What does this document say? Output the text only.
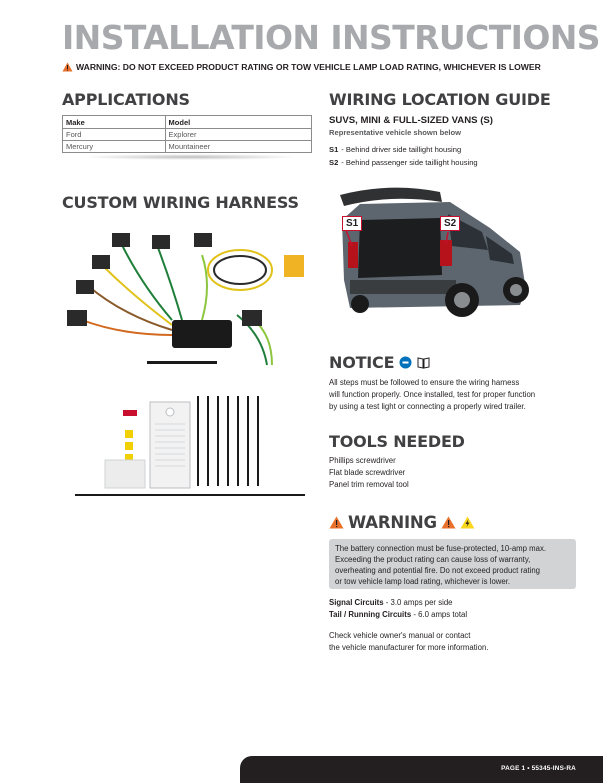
INSTALLATION INSTRUCTIONS
WARNING: DO NOT EXCEED PRODUCT RATING OR TOW VEHICLE LAMP LOAD RATING, WHICHEVER IS LOWER
APPLICATIONS
Make	Model
Ford	Explorer
Mercury	Mountaineer
WIRING LOCATION GUIDE
SUVS, MINI & FULL-SIZED VANS (S)
Representative vehicle shown below
S1 - Behind driver side taillight housing
S2 - Behind passenger side taillight housing
S1	S2
CUSTOM WIRING HARNESS
NOTICE
All steps must be followed to ensure the wiring harness
will function properly. Once installed, test for proper function
by using a test light or connecting a properly wired trailer.
TOOLS NEEDED
Phillips screwdriver
Flat blade screwdriver
Panel trim removal tool
WARNING
The battery connection must be fuse-protected, 10-amp max.
Exceeding the product rating can cause loss of warranty,
overheating and potential fire. Do not exceed product rating
or tow vehicle lamp load rating, whichever is lower.
Signal Circuits - 3.0 amps per side
Tail / Running Circuits - 6.0 amps total
Check vehicle owner's manual or contact
the vehicle manufacturer for more information.
PAGE 1 • 55345-INS-RA
